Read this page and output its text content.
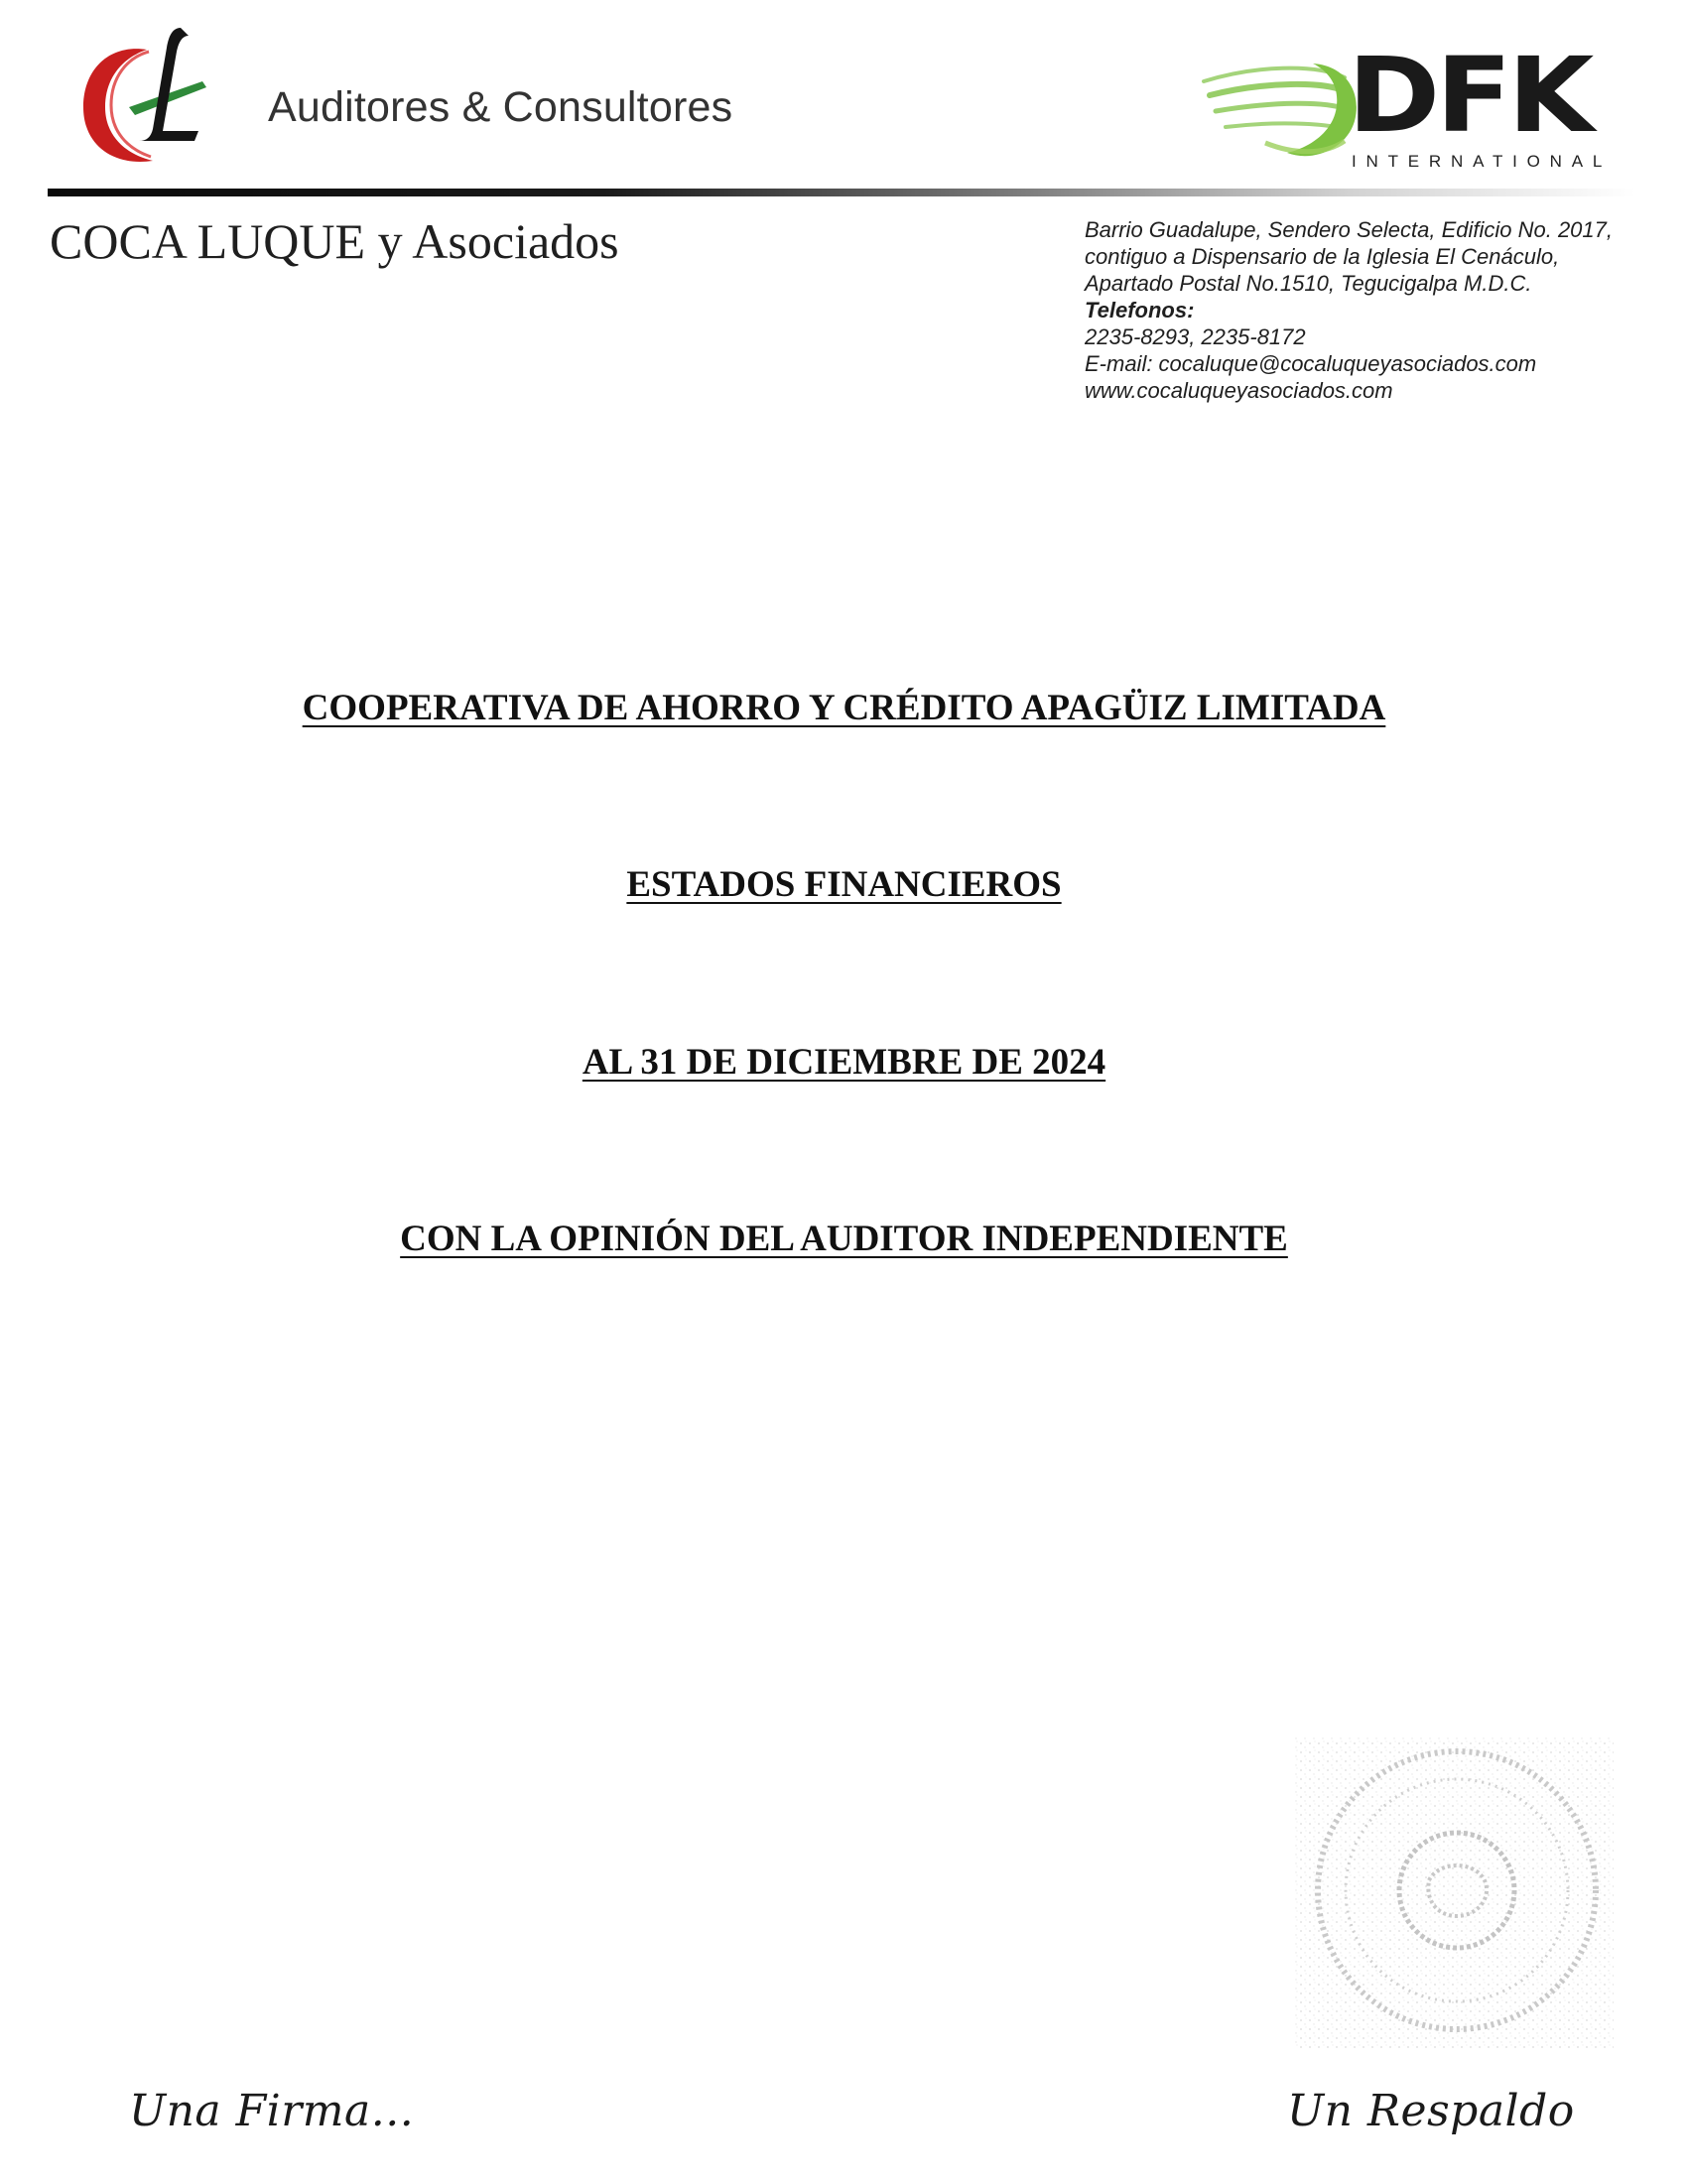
Auditores & Consultores	DFK
INTERNATIONAL
COCA LUQUE y Asociados	Barrio Guadalupe, Sendero Selecta, Edificio No. 2017,
contiguo a Dispensario de la Iglesia El Cenáculo,
Apartado Postal No.1510, Tegucigalpa M.D.C.
Telefonos:
2235-8293, 2235-8172
E-mail: cocaluque@cocaluqueyasociados.com
www.cocaluqueyasociados.com
COOPERATIVA DE AHORRO Y CRÉDITO APAGÜIZ LIMITADA
ESTADOS FINANCIEROS
AL 31 DE DICIEMBRE DE 2024
CON LA OPINIÓN DEL AUDITOR INDEPENDIENTE
Una Firma...	Un Respaldo
